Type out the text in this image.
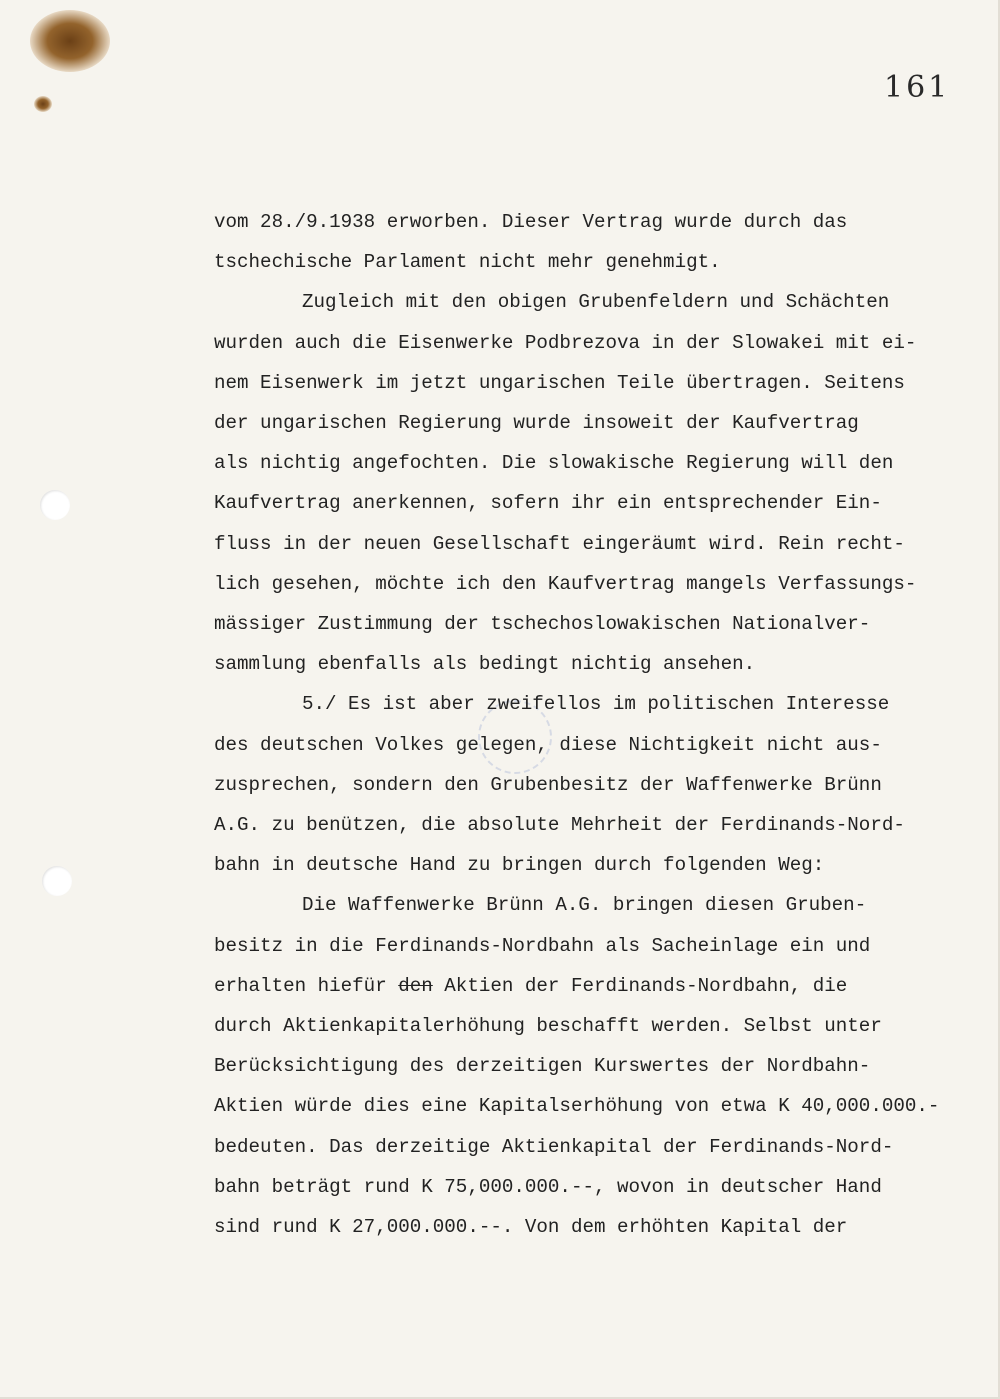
161
vom 28./9.1938 erworben. Dieser Vertrag wurde durch das
tschechische Parlament nicht mehr genehmigt.
Zugleich mit den obigen Grubenfeldern und Schächten
wurden auch die Eisenwerke Podbrezova in der Slowakei mit ei-
nem Eisenwerk im jetzt ungarischen Teile übertragen. Seitens
der ungarischen Regierung wurde insoweit der Kaufvertrag
als nichtig angefochten. Die slowakische Regierung will den
Kaufvertrag anerkennen, sofern ihr ein entsprechender Ein-
fluss in der neuen Gesellschaft eingeräumt wird. Rein recht-
lich gesehen, möchte ich den Kaufvertrag mangels Verfassungs-
mässiger Zustimmung der tschechoslowakischen Nationalver-
sammlung ebenfalls als bedingt nichtig ansehen.
5./ Es ist aber zweifellos im politischen Interesse
des deutschen Volkes gelegen, diese Nichtigkeit nicht aus-
zusprechen, sondern den Grubenbesitz der Waffenwerke Brünn
A.G. zu benützen, die absolute Mehrheit der Ferdinands-Nord-
bahn in deutsche Hand zu bringen durch folgenden Weg:
Die Waffenwerke Brünn A.G. bringen diesen Gruben-
besitz in die Ferdinands-Nordbahn als Sacheinlage ein und
erhalten hiefür den Aktien der Ferdinands-Nordbahn, die
durch Aktienkapitalerhöhung beschafft werden. Selbst unter
Berücksichtigung des derzeitigen Kurswertes der Nordbahn-
Aktien würde dies eine Kapitalserhöhung von etwa K 40,000.000.-
bedeuten. Das derzeitige Aktienkapital der Ferdinands-Nord-
bahn beträgt rund K 75,000.000.--, wovon in deutscher Hand
sind rund K 27,000.000.--. Von dem erhöhten Kapital der
